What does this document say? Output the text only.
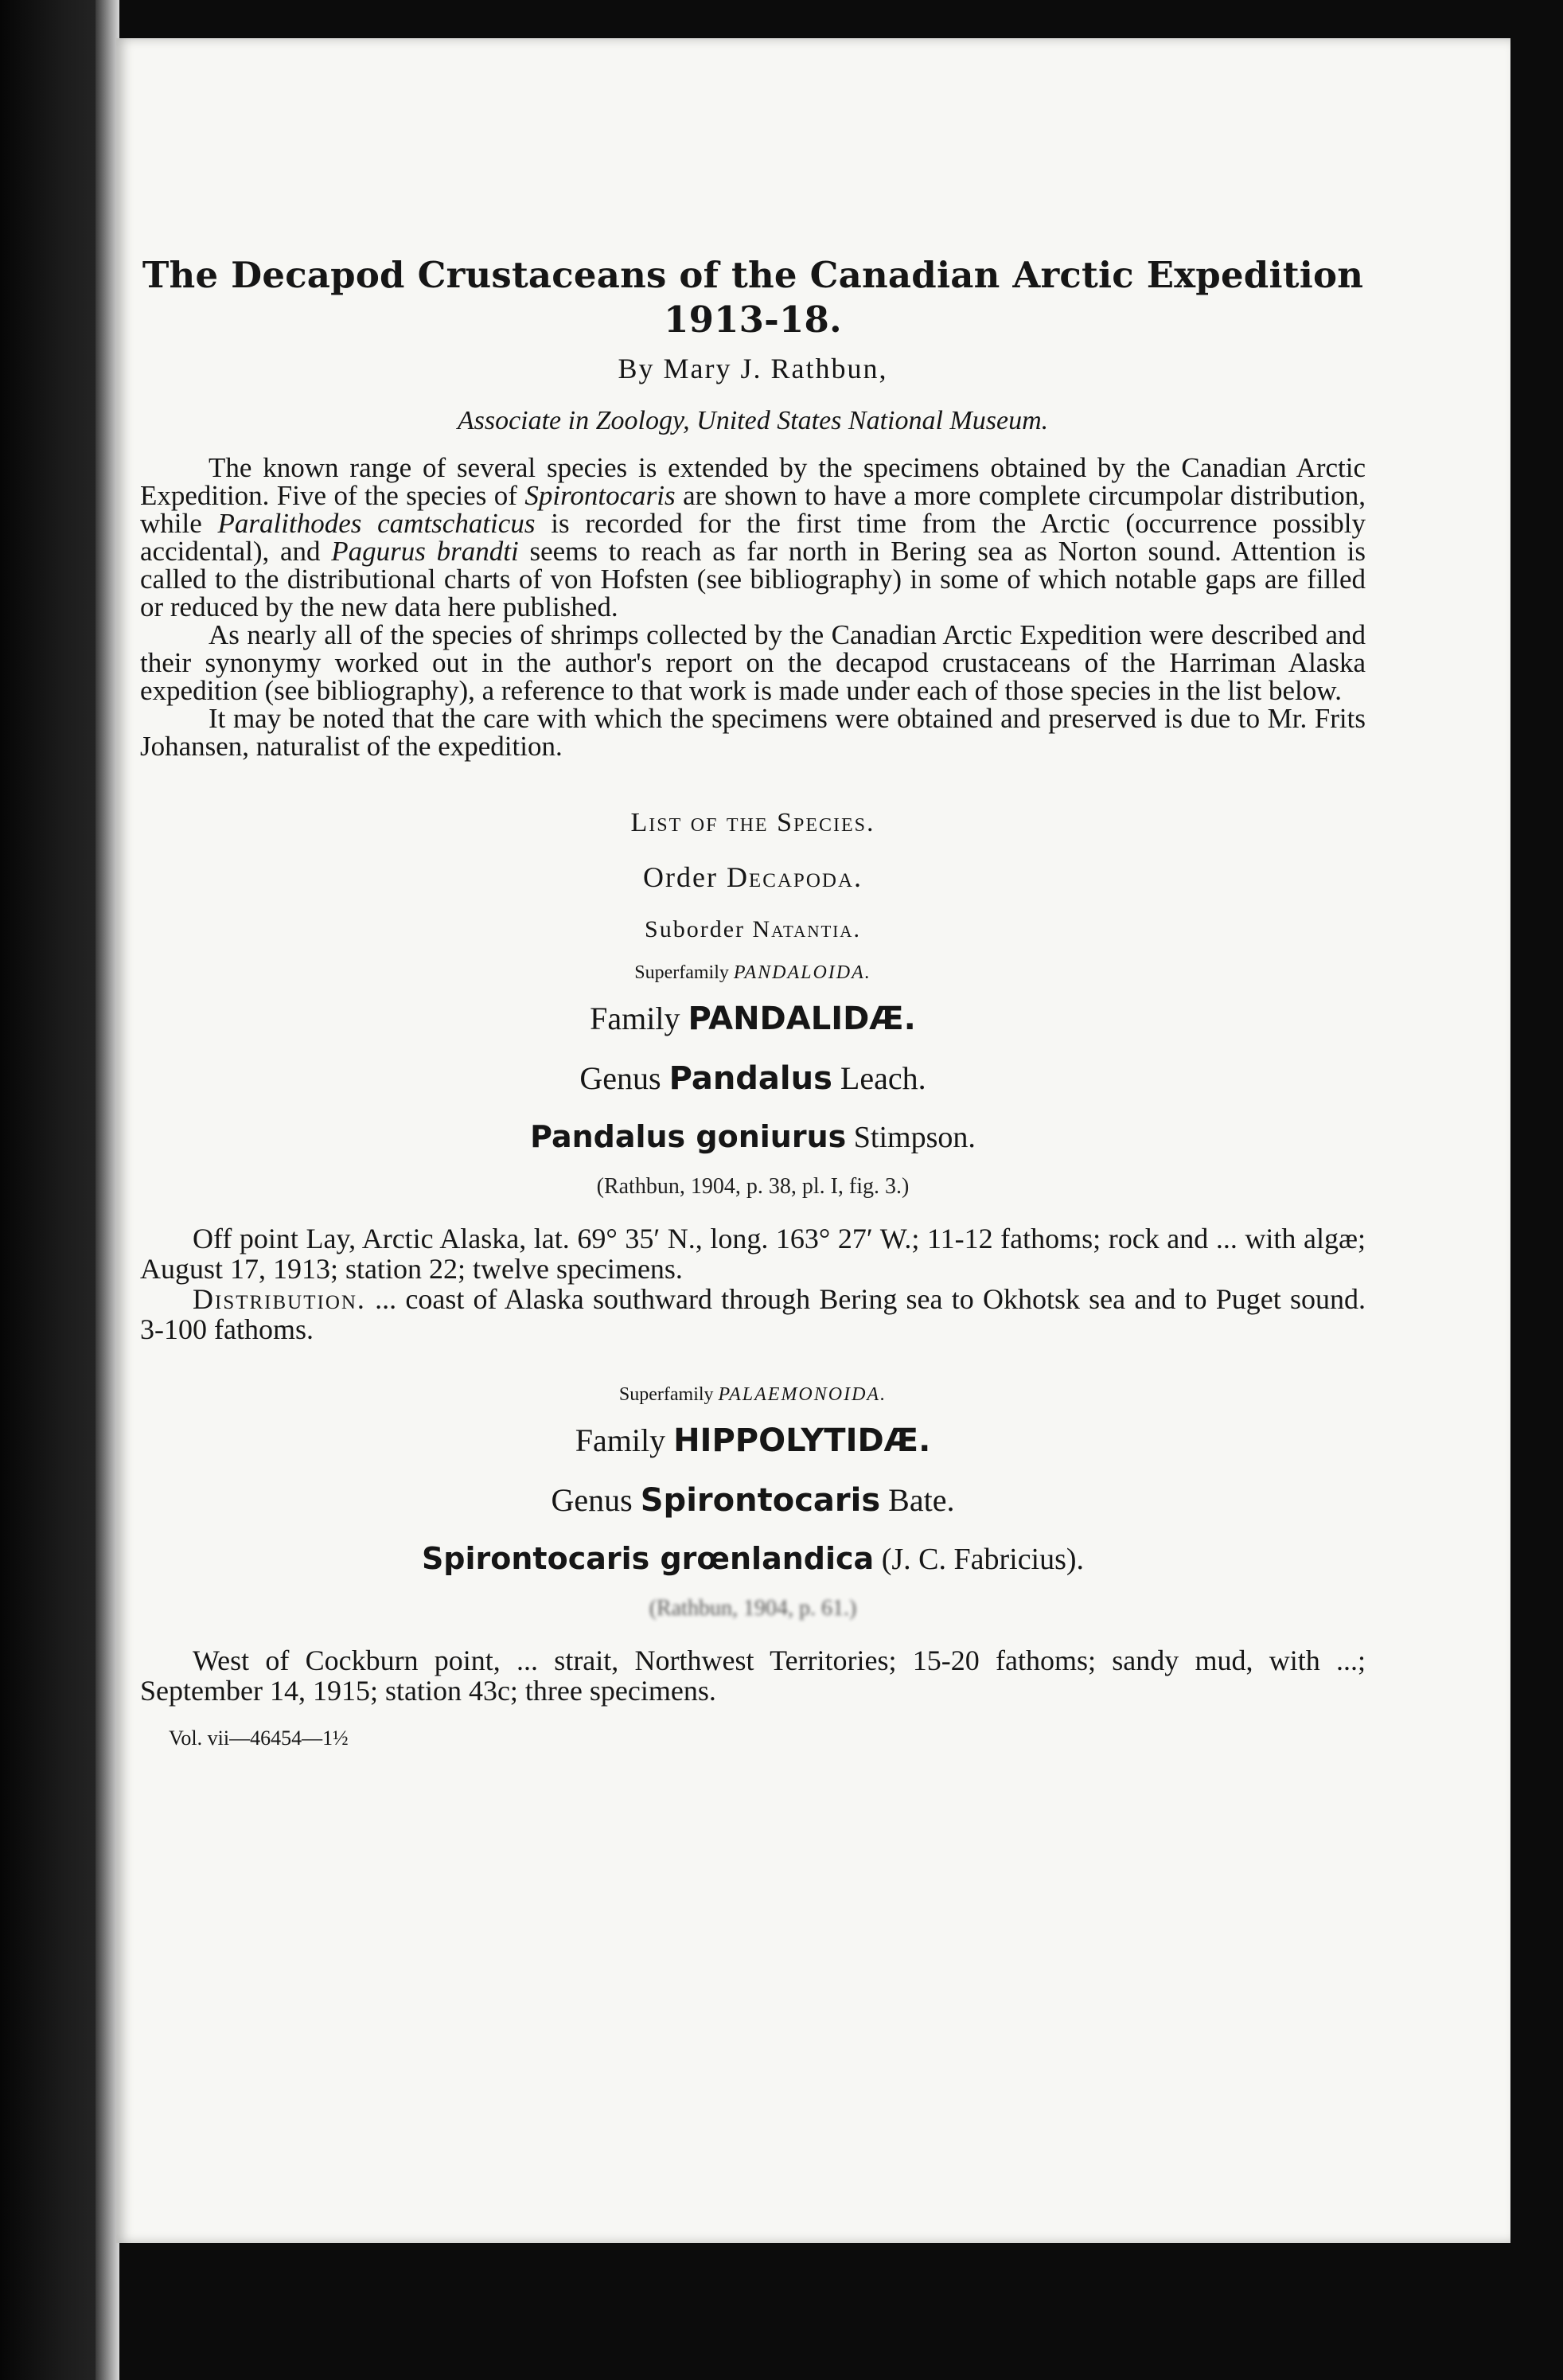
The Decapod Crustaceans of the Canadian Arctic Expedition
1913-18.
By Mary J. Rathbun,
Associate in Zoology, United States National Museum.

The known range of several species is extended by the specimens obtained by the Canadian Arctic Expedition. Five of the species of Spirontocaris are shown to have a more complete circumpolar distribution, while Paralithodes camtschaticus is recorded for the first time from the Arctic (occurrence possibly accidental), and Pagurus brandti seems to reach as far north in Bering sea as Norton sound. Attention is called to the distributional charts of von Hofsten (see bibliography) in some of which notable gaps are filled or reduced by the new data here published.

As nearly all of the species of shrimps collected by the Canadian Arctic Expedition were described and their synonymy worked out in the author's report on the decapod crustaceans of the Harriman Alaska expedition (see bibliography), a reference to that work is made under each of those species in the list below.

It may be noted that the care with which the specimens were obtained and preserved is due to Mr. Frits Johansen, naturalist of the expedition.

List of the Species.
Order Decapoda.
Suborder Natantia.
Superfamily PANDALOIDA.
Family PANDALIDÆ.
Genus Pandalus Leach.
Pandalus goniurus Stimpson.
(Rathbun, 1904, p. 38, pl. I, fig. 3.)

Off point Lay, Arctic Alaska, lat. 69° 35′ N., long. 163° 27′ W.; 11-12 fathoms; rock and ... with algæ; August 17, 1913; station 22; twelve specimens.

Distribution. ... coast of Alaska southward through Bering sea to Okhotsk sea and to Puget sound. 3-100 fathoms.

Superfamily PALAEMONOIDA.
Family HIPPOLYTIDÆ.
Genus Spirontocaris Bate.
Spirontocaris grœnlandica (J. C. Fabricius).
(Rathbun, 1904, p. 61.)

West of Cockburn point, ... strait, Northwest Territories; 15-20 fathoms; sandy mud, with ...; September 14, 1915; station 43c; three specimens.

Vol. vii—46454—1½
